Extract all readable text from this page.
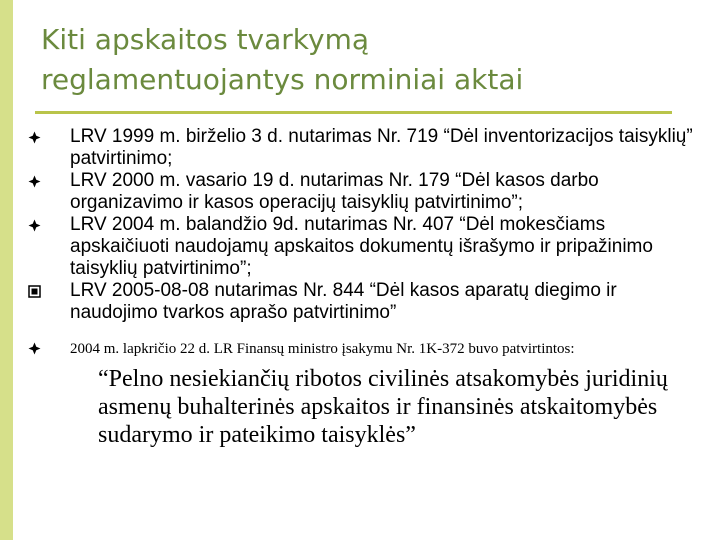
Kiti apskaitos tvarkymą
reglamentuojantys norminiai aktai
LRV 1999 m. birželio 3 d. nutarimas Nr. 719 “Dėl inventorizacijos taisyklių” patvirtinimo;
LRV 2000 m. vasario 19 d. nutarimas Nr. 179 “Dėl kasos darbo organizavimo ir kasos operacijų taisyklių patvirtinimo”;
LRV 2004 m. balandžio 9d. nutarimas Nr. 407 “Dėl mokesčiams apskaičiuoti naudojamų apskaitos dokumentų išrašymo ir pripažinimo taisyklių patvirtinimo”;
LRV 2005-08-08 nutarimas Nr. 844 “Dėl kasos aparatų diegimo ir naudojimo tvarkos aprašo patvirtinimo”
2004 m. lapkričio 22 d. LR Finansų ministro įsakymu Nr. 1K-372 buvo patvirtintos:
“Pelno nesiekiančių ribotos civilinės atsakomybės juridinių asmenų buhalterinės apskaitos ir finansinės atskaitomybės sudarymo ir pateikimo taisyklės”
